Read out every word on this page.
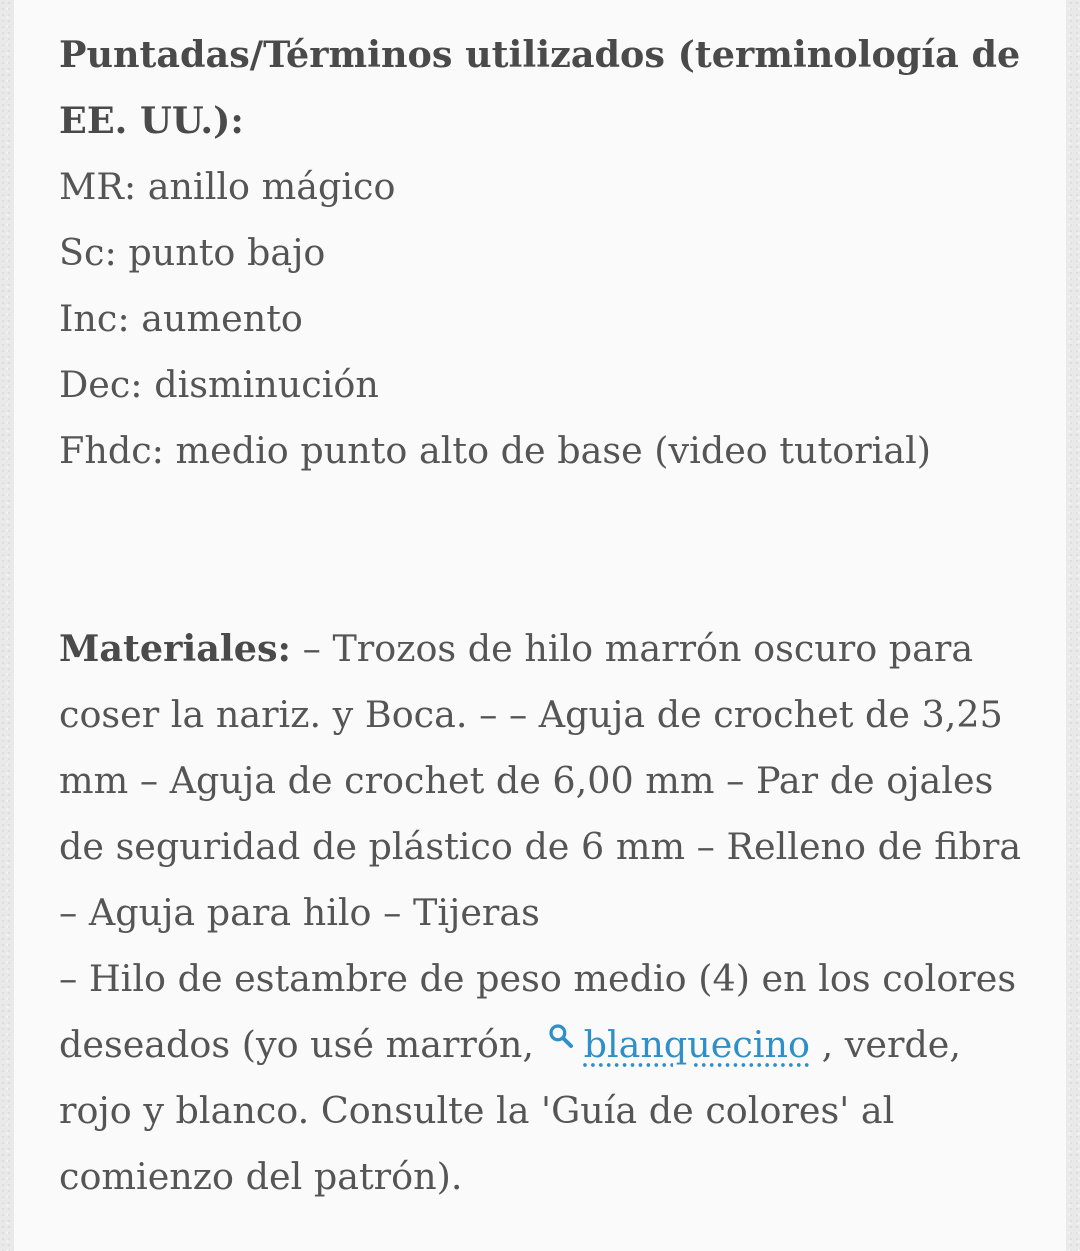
Puntadas/Términos utilizados (terminología de EE. UU.):

MR: anillo mágico

Sc: punto bajo

Inc: aumento

Dec: disminución

Fhdc: medio punto alto de base (video tutorial)

Materiales: – Trozos de hilo marrón oscuro para coser la nariz. y Boca. – – Aguja de crochet de 3,25 mm – Aguja de crochet de 6,00 mm – Par de ojales de seguridad de plástico de 6 mm – Relleno de fibra – Aguja para hilo – Tijeras

– Hilo de estambre de peso medio (4) en los colores deseados (yo usé marrón,
blanquecino , verde, rojo y blanco. Consulte la 'Guía de colores' al comienzo del patrón).
